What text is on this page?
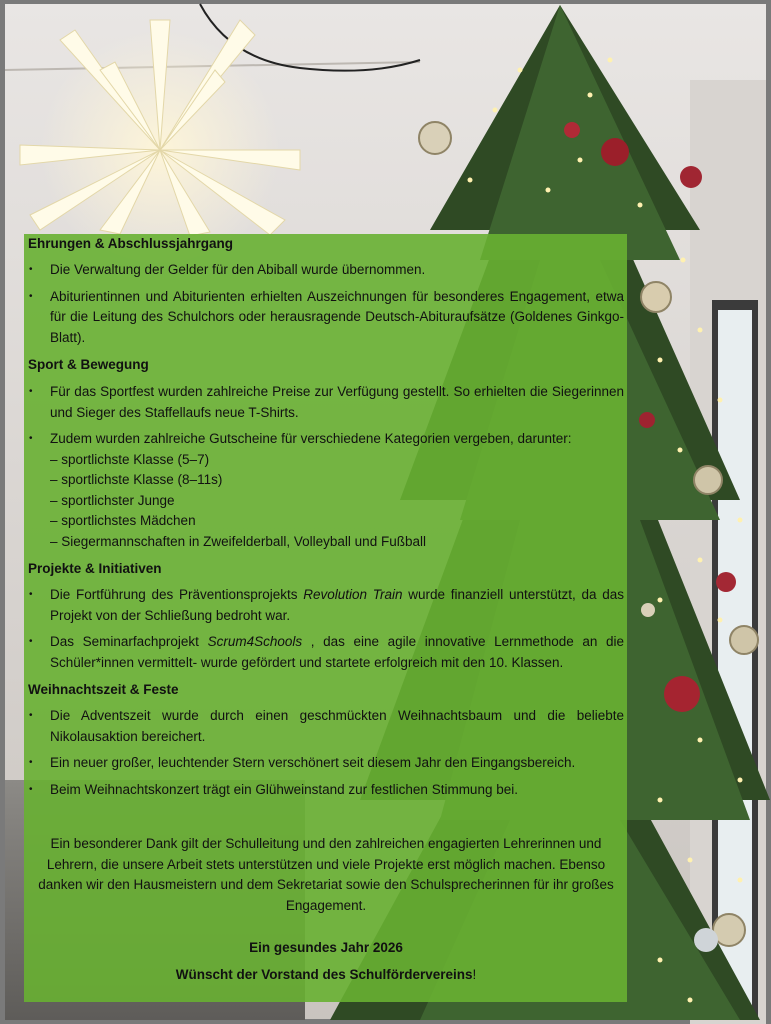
Ehrungen & Abschlussjahrgang
• Die Verwaltung der Gelder für den Abiball wurde übernommen.
• Abiturientinnen und Abiturienten erhielten Auszeichnungen für besonderes Engagement, etwa für die Leitung des Schulchors oder herausragende Deutsch-Abituraufsätze (Goldenes Ginkgo-Blatt).
Sport & Bewegung
• Für das Sportfest wurden zahlreiche Preise zur Verfügung gestellt. So erhielten die Siegerinnen und Sieger des Staffellaufs neue T-Shirts.
• Zudem wurden zahlreiche Gutscheine für verschiedene Kategorien vergeben, darunter:
– sportlichste Klasse (5–7)
– sportlichste Klasse (8–11s)
– sportlichster Junge
– sportlichstes Mädchen
– Siegermannschaften in Zweifelderball, Volleyball und Fußball
Projekte & Initiativen
• Die Fortführung des Präventionsprojekts Revolution Train wurde finanziell unterstützt, da das Projekt von der Schließung bedroht war.
• Das Seminarfachprojekt Scrum4Schools , das eine agile innovative Lernmethode an die Schüler*innen vermittelt- wurde gefördert und startete erfolgreich mit den 10. Klassen.
Weihnachtszeit & Feste
• Die Adventszeit wurde durch einen geschmückten Weihnachtsbaum und die beliebte Nikolausaktion bereichert.
• Ein neuer großer, leuchtender Stern verschönert seit diesem Jahr den Eingangsbereich.
• Beim Weihnachtskonzert trägt ein Glühweinstand zur festlichen Stimmung bei.
Ein besonderer Dank gilt der Schulleitung und den zahlreichen engagierten Lehrerinnen und Lehrern, die unsere Arbeit stets unterstützen und viele Projekte erst möglich machen. Ebenso danken wir den Hausmeistern und dem Sekretariat sowie den Schulsprecherinnen für ihr großes Engagement.
Ein gesundes Jahr 2026
Wünscht der Vorstand des Schulfördervereins!
